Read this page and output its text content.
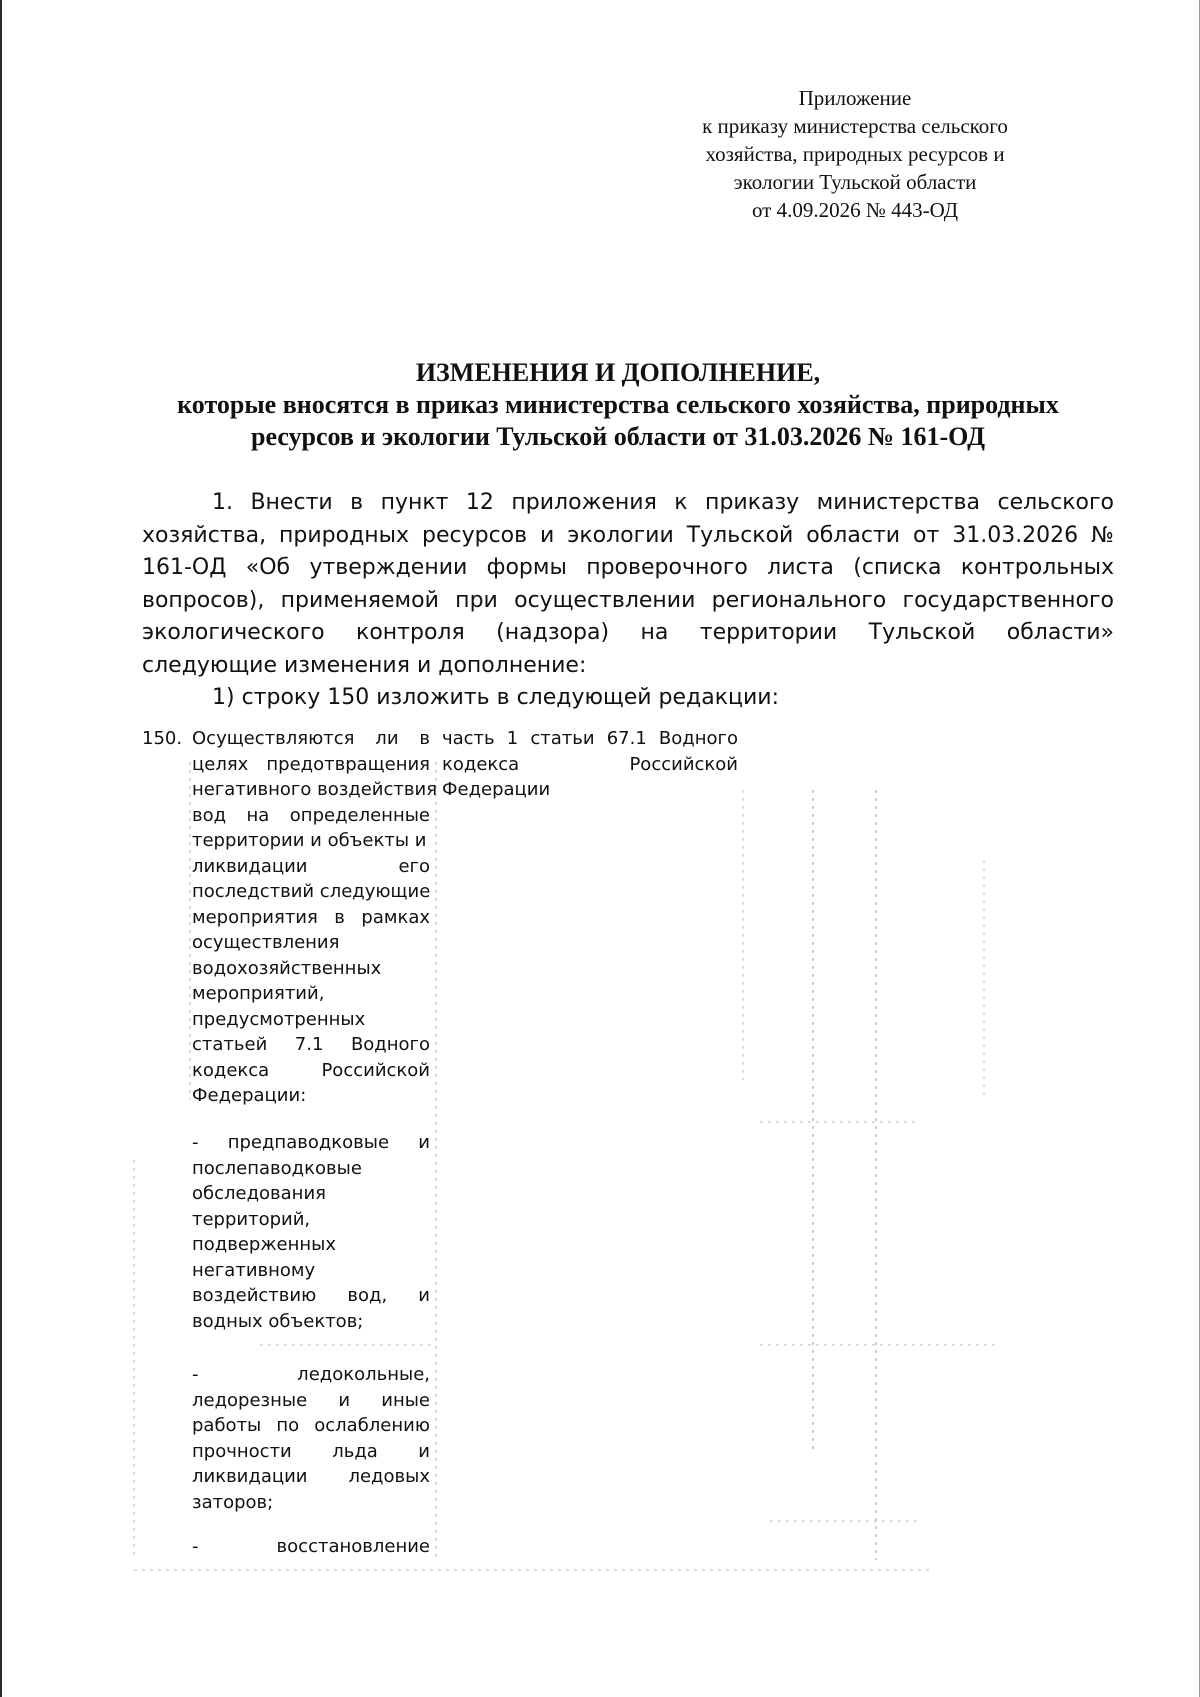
Приложение
к приказу министерства сельского
хозяйства, природных ресурсов и
экологии Тульской области
от 4.09.2026 № 443-ОД
ИЗМЕНЕНИЯ И ДОПОЛНЕНИЕ,
которые вносятся в приказ министерства сельского хозяйства, природных
ресурсов и экологии Тульской области от 31.03.2026 № 161-ОД
1. Внести в пункт 12 приложения к приказу министерства сельского
хозяйства, природных ресурсов и экологии Тульской области от 31.03.2026 №
161-ОД «Об утверждении формы проверочного листа (списка контрольных
вопросов), применяемой при осуществлении регионального государственного
экологического контроля (надзора) на территории Тульской области»
следующие изменения и дополнение:
1) строку 150 изложить в следующей редакции:
150. Осуществляются ли в
целях предотвращения
негативного воздействия
вод на определенные
территории и объекты и
ликвидации его
последствий следующие
мероприятия в рамках
осуществления
водохозяйственных
мероприятий,
предусмотренных
статьей 7.1 Водного
кодекса Российской
Федерации:
часть 1 статьи 67.1 Водного
кодекса Российской
Федерации
- предпаводковые и
послепаводковые
обследования
территорий,
подверженных
негативному
воздействию вод, и
водных объектов;
- ледокольные,
ледорезные и иные
работы по ослаблению
прочности льда и
ликвидации ледовых
заторов;
- восстановление
